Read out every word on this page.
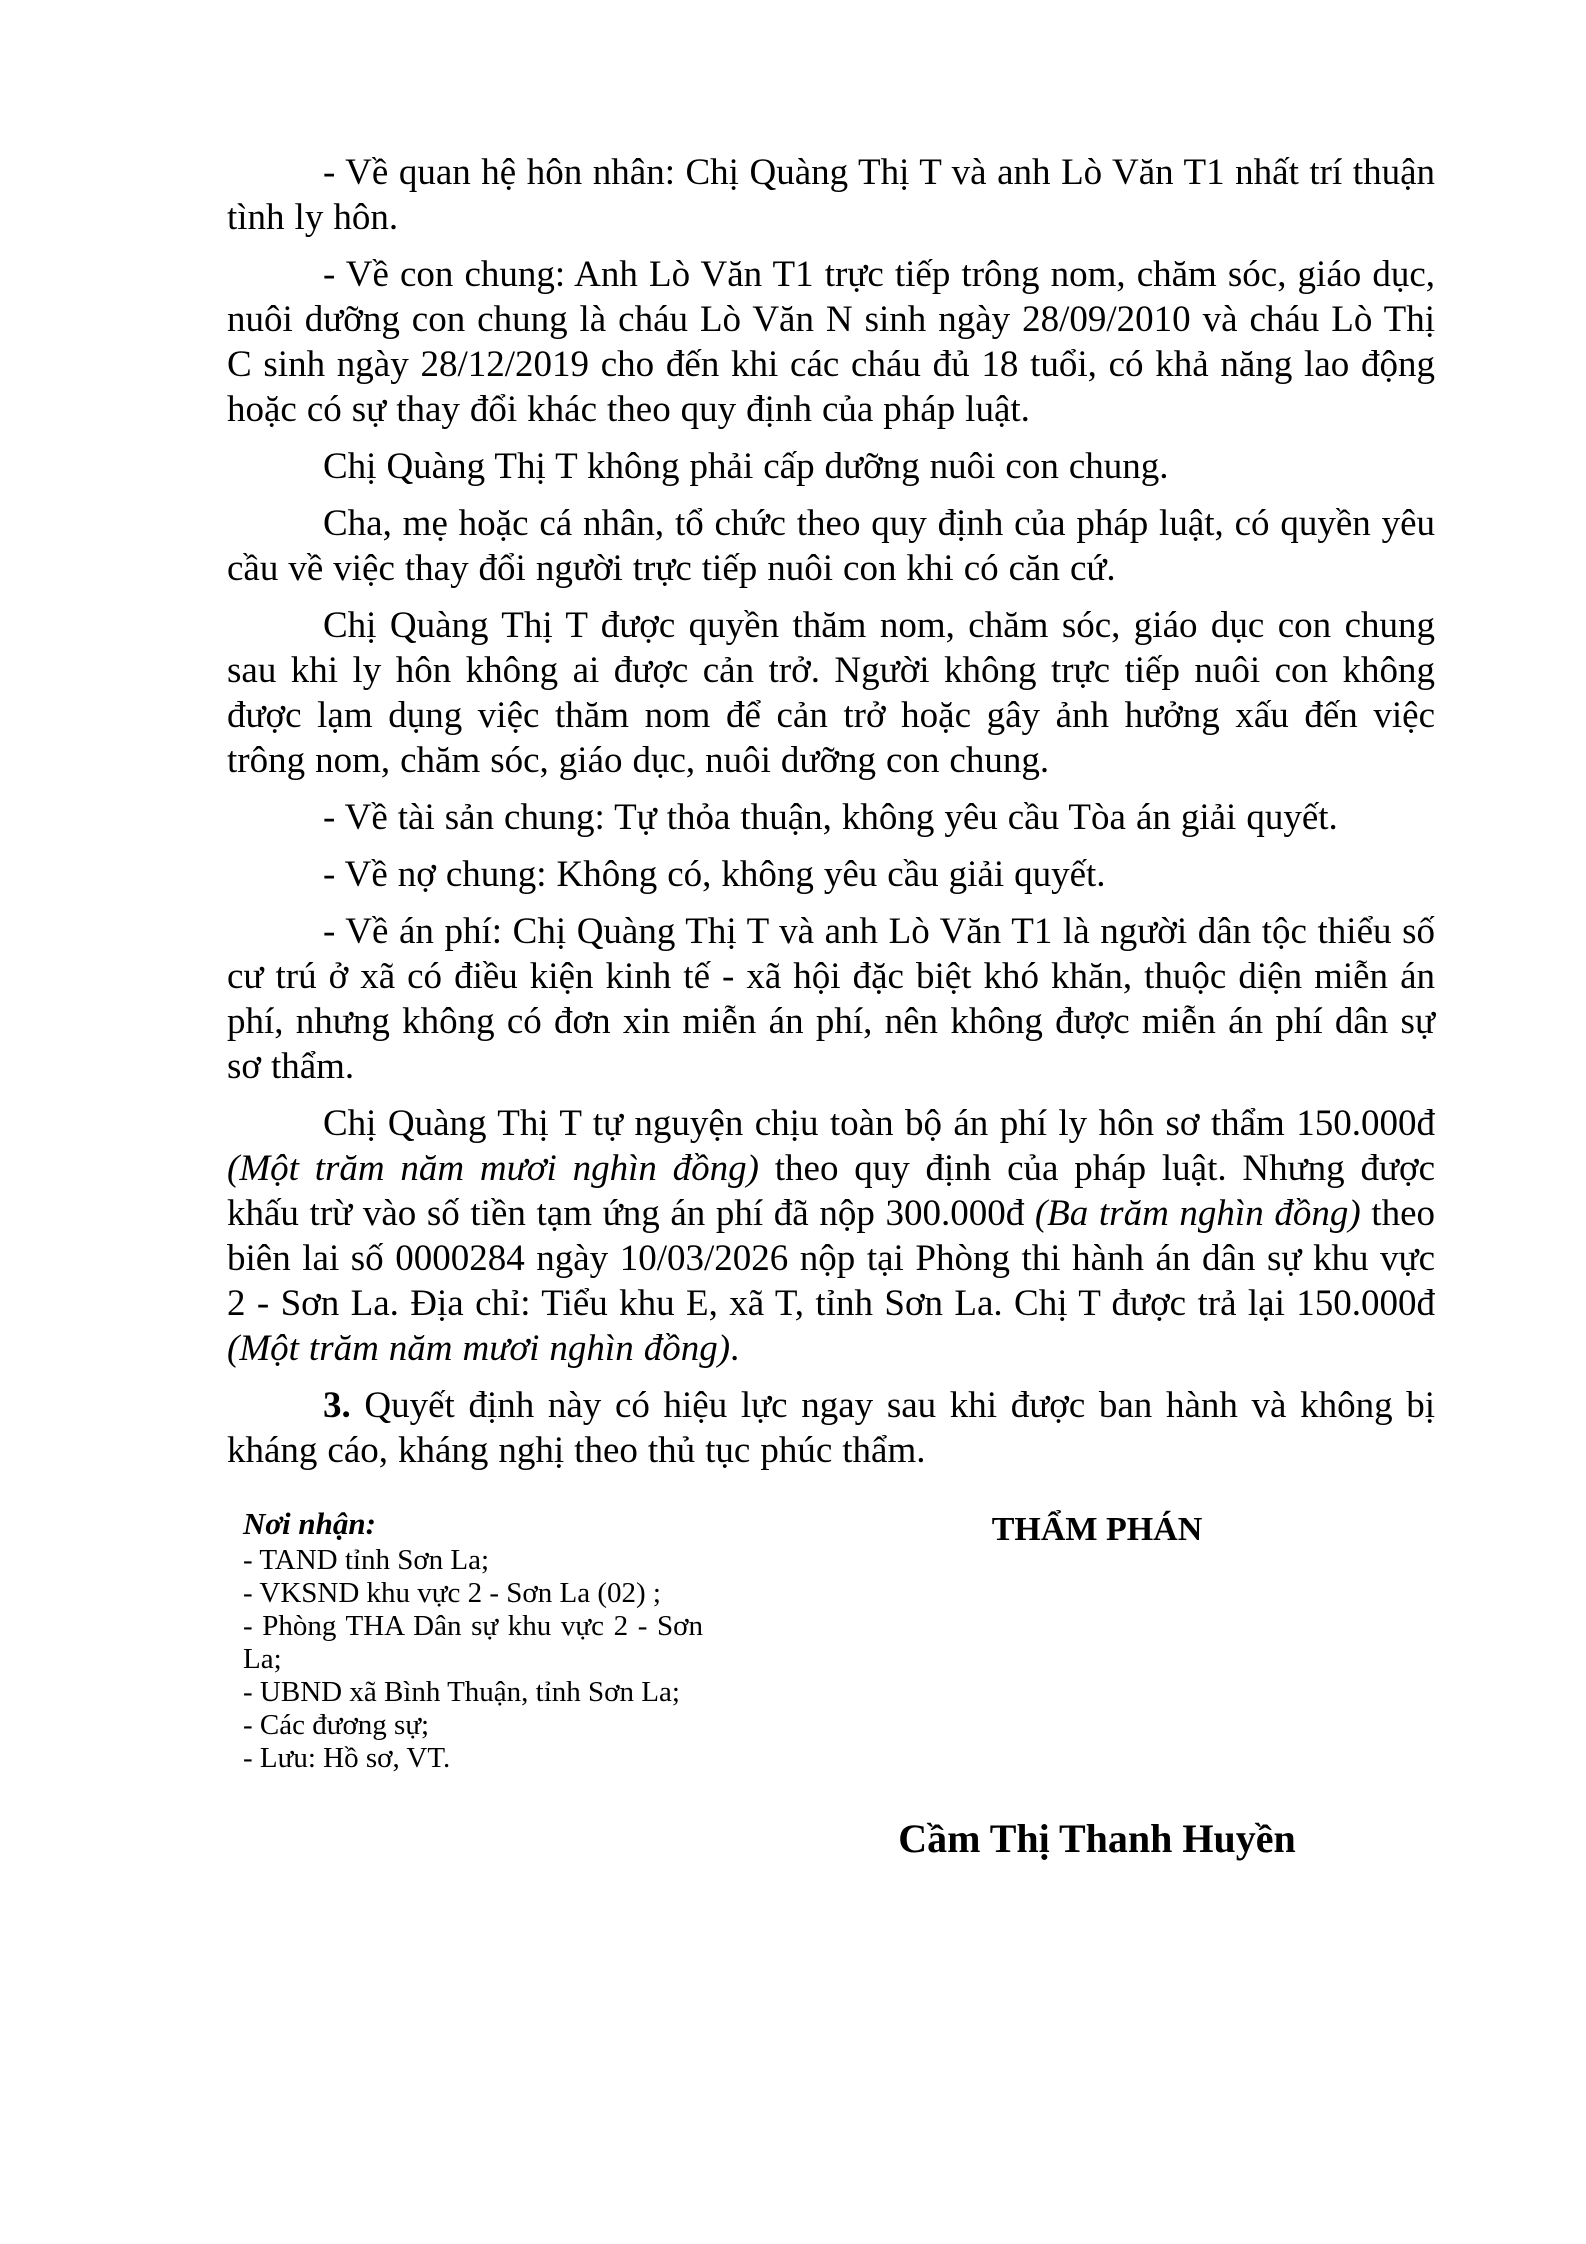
- Về quan hệ hôn nhân: Chị Quàng Thị T và anh Lò Văn T1 nhất trí thuận tình ly hôn.

- Về con chung: Anh Lò Văn T1 trực tiếp trông nom, chăm sóc, giáo dục, nuôi dưỡng con chung là cháu Lò Văn N sinh ngày 28/09/2010 và cháu Lò Thị C sinh ngày 28/12/2019 cho đến khi các cháu đủ 18 tuổi, có khả năng lao động hoặc có sự thay đổi khác theo quy định của pháp luật.

Chị Quàng Thị T không phải cấp dưỡng nuôi con chung.

Cha, mẹ hoặc cá nhân, tổ chức theo quy định của pháp luật, có quyền yêu cầu về việc thay đổi người trực tiếp nuôi con khi có căn cứ.

Chị Quàng Thị T được quyền thăm nom, chăm sóc, giáo dục con chung sau khi ly hôn không ai được cản trở. Người không trực tiếp nuôi con không được lạm dụng việc thăm nom để cản trở hoặc gây ảnh hưởng xấu đến việc trông nom, chăm sóc, giáo dục, nuôi dưỡng con chung.

- Về tài sản chung: Tự thỏa thuận, không yêu cầu Tòa án giải quyết.

- Về nợ chung: Không có, không yêu cầu giải quyết.

- Về án phí: Chị Quàng Thị T và anh Lò Văn T1 là người dân tộc thiểu số cư trú ở xã có điều kiện kinh tế - xã hội đặc biệt khó khăn, thuộc diện miễn án phí, nhưng không có đơn xin miễn án phí, nên không được miễn án phí dân sự sơ thẩm.

Chị Quàng Thị T tự nguyện chịu toàn bộ án phí ly hôn sơ thẩm 150.000đ (Một trăm năm mươi nghìn đồng) theo quy định của pháp luật. Nhưng được khấu trừ vào số tiền tạm ứng án phí đã nộp 300.000đ (Ba trăm nghìn đồng) theo biên lai số 0000284 ngày 10/03/2026 nộp tại Phòng thi hành án dân sự khu vực 2 - Sơn La. Địa chỉ: Tiểu khu E, xã T, tỉnh Sơn La. Chị T được trả lại 150.000đ (Một trăm năm mươi nghìn đồng).

3. Quyết định này có hiệu lực ngay sau khi được ban hành và không bị kháng cáo, kháng nghị theo thủ tục phúc thẩm.

Nơi nhận:
- TAND tỉnh Sơn La;
- VKSND khu vực 2 - Sơn La (02) ;
- Phòng THA Dân sự khu vực 2 - Sơn La;
- UBND xã Bình Thuận, tỉnh Sơn La;
- Các đương sự;
- Lưu: Hồ sơ, VT.
THẨM PHÁN
Cầm Thị Thanh Huyền
